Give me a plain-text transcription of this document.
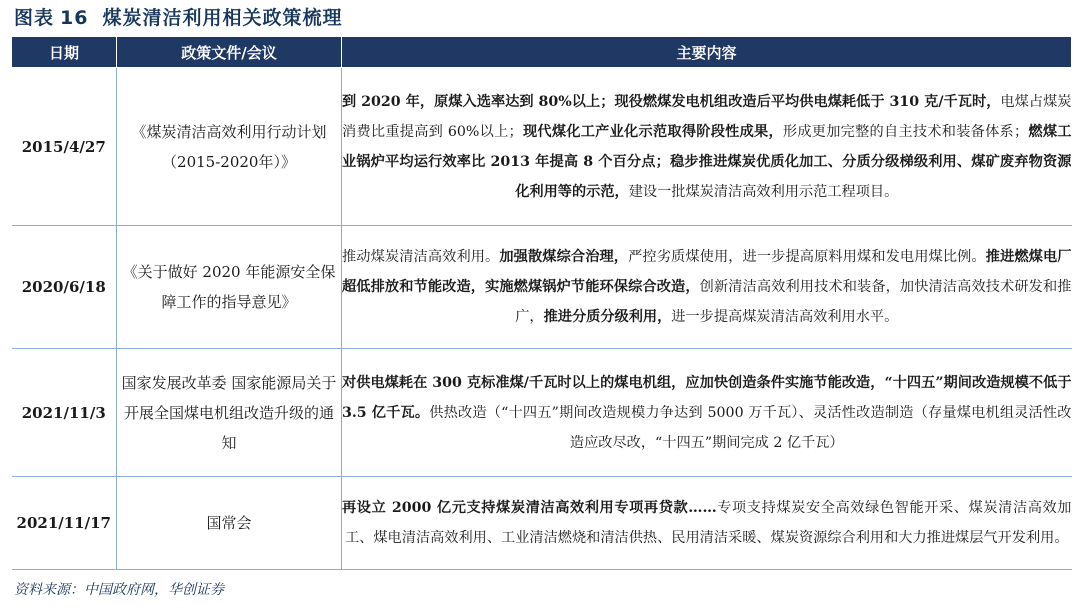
图表 16 煤炭清洁利用相关政策梳理
日期	政策文件/会议	主要内容
2015/4/27	《煤炭清洁高效利用行动计划（2015-2020年）》	到 2020 年，原煤入选率达到 80%以上；现役燃煤发电机组改造后平均供电煤耗低于 310 克/千瓦时，电煤占煤炭消费比重提高到 60%以上；现代煤化工产业化示范取得阶段性成果，形成更加完整的自主技术和装备体系；燃煤工业锅炉平均运行效率比 2013 年提高 8 个百分点；稳步推进煤炭优质化加工、分质分级梯级利用、煤矿废弃物资源化利用等的示范，建设一批煤炭清洁高效利用示范工程项目。
2020/6/18	《关于做好 2020 年能源安全保障工作的指导意见》	推动煤炭清洁高效利用。加强散煤综合治理，严控劣质煤使用，进一步提高原料用煤和发电用煤比例。推进燃煤电厂超低排放和节能改造，实施燃煤锅炉节能环保综合改造，创新清洁高效利用技术和装备，加快清洁高效技术研发和推广，推进分质分级利用，进一步提高煤炭清洁高效利用水平。
2021/11/3	国家发展改革委 国家能源局关于开展全国煤电机组改造升级的通知	对供电煤耗在 300 克标准煤/千瓦时以上的煤电机组，应加快创造条件实施节能改造，“十四五”期间改造规模不低于 3.5 亿千瓦。供热改造（“十四五”期间改造规模力争达到 5000 万千瓦）、灵活性改造制造（存量煤电机组灵活性改造应改尽改，“十四五”期间完成 2 亿千瓦）
2021/11/17	国常会	再设立 2000 亿元支持煤炭清洁高效利用专项再贷款……专项支持煤炭安全高效绿色智能开采、煤炭清洁高效加工、煤电清洁高效利用、工业清洁燃烧和清洁供热、民用清洁采暖、煤炭资源综合利用和大力推进煤层气开发利用。
资料来源：中国政府网，华创证券
